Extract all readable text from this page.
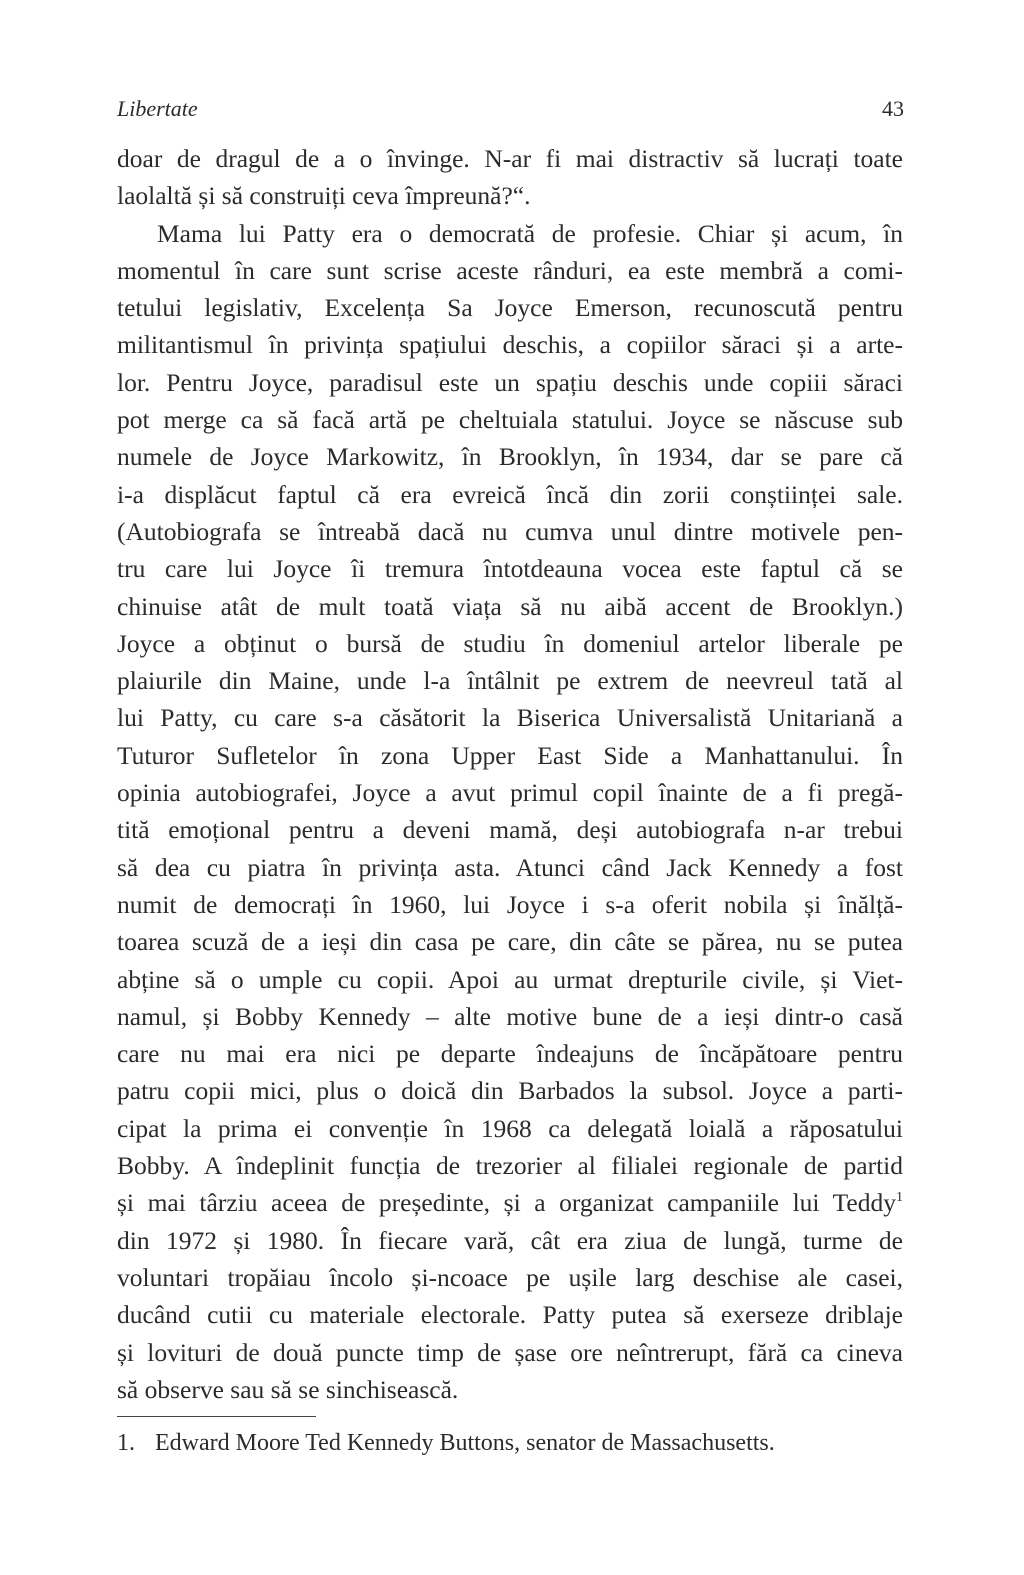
Libertate	43
doar de dragul de a o învinge. N-ar fi mai distractiv să lucrați toate
laolaltă și să construiți ceva împreună?“.
Mama lui Patty era o democrată de profesie. Chiar și acum, în
momentul în care sunt scrise aceste rânduri, ea este membră a comi-
tetului legislativ, Excelența Sa Joyce Emerson, recunoscută pentru
militantismul în privința spațiului deschis, a copiilor săraci și a arte-
lor. Pentru Joyce, paradisul este un spațiu deschis unde copiii săraci
pot merge ca să facă artă pe cheltuiala statului. Joyce se născuse sub
numele de Joyce Markowitz, în Brooklyn, în 1934, dar se pare că
i-a displăcut faptul că era evreică încă din zorii conștiinței sale.
(Autobiografa se întreabă dacă nu cumva unul dintre motivele pen-
tru care lui Joyce îi tremura întotdeauna vocea este faptul că se
chinuise atât de mult toată viața să nu aibă accent de Brooklyn.)
Joyce a obținut o bursă de studiu în domeniul artelor liberale pe
plaiurile din Maine, unde l-a întâlnit pe extrem de neevreul tată al
lui Patty, cu care s-a căsătorit la Biserica Universalistă Unitariană a
Tuturor Sufletelor în zona Upper East Side a Manhattanului. În
opinia autobiografei, Joyce a avut primul copil înainte de a fi pregă-
tită emoțional pentru a deveni mamă, deși autobiografa n-ar trebui
să dea cu piatra în privința asta. Atunci când Jack Kennedy a fost
numit de democrați în 1960, lui Joyce i s-a oferit nobila și înălță-
toarea scuză de a ieși din casa pe care, din câte se părea, nu se putea
abține să o umple cu copii. Apoi au urmat drepturile civile, și Viet-
namul, și Bobby Kennedy – alte motive bune de a ieși dintr-o casă
care nu mai era nici pe departe îndeajuns de încăpătoare pentru
patru copii mici, plus o doică din Barbados la subsol. Joyce a parti-
cipat la prima ei convenție în 1968 ca delegată loială a răposatului
Bobby. A îndeplinit funcția de trezorier al filialei regionale de partid
și mai târziu aceea de președinte, și a organizat campaniile lui Teddy$^1$
din 1972 și 1980. În fiecare vară, cât era ziua de lungă, turme de
voluntari tropăiau încolo și-ncoace pe ușile larg deschise ale casei,
ducând cutii cu materiale electorale. Patty putea să exerseze driblaje
și lovituri de două puncte timp de șase ore neîntrerupt, fără ca cineva
să observe sau să se sinchisească.
1. Edward Moore Ted Kennedy Buttons, senator de Massachusetts.
